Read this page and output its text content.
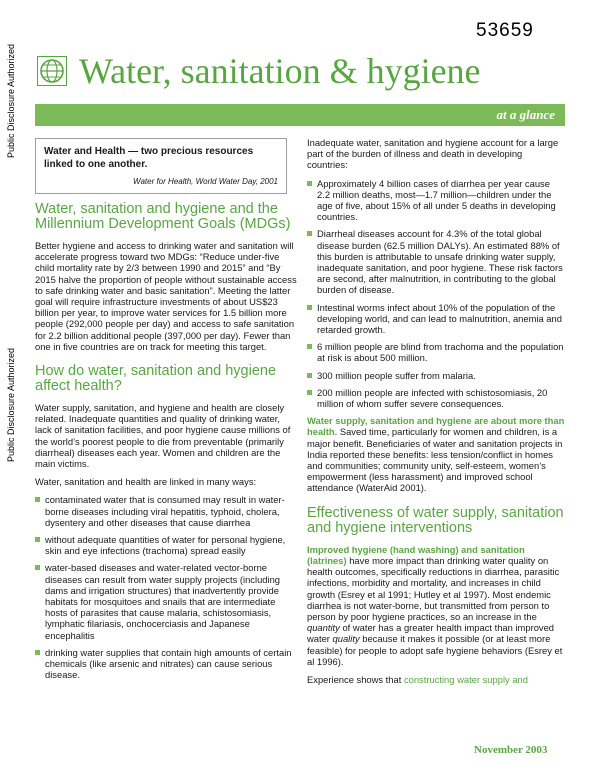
Public Disclosure Authorized
Public Disclosure Authorized
53659
Water, sanitation & hygiene
at a glance
Water and Health — two precious resources linked to one another.
Water for Health, World Water Day, 2001
Water, sanitation and hygiene and the Millennium Development Goals (MDGs)

Better hygiene and access to drinking water and sanitation will accelerate progress toward two MDGs: “Reduce under-five child mortality rate by 2/3 between 1990 and 2015” and “By 2015 halve the proportion of people without sustainable access to safe drinking water and basic sanitation”. Meeting the latter goal will require infrastructure investments of about US$23 billion per year, to improve water services for 1.5 billion more people (292,000 people per day) and access to safe sanitation for 2.2 billion additional people (397,000 per day). Fewer than one in five countries are on track for meeting this target.

How do water, sanitation and hygiene affect health?

Water supply, sanitation, and hygiene and health are closely related. Inadequate quantities and quality of drinking water, lack of sanitation facilities, and poor hygiene cause millions of the world’s poorest people to die from preventable (primarily diarrheal) diseases each year. Women and children are the main victims.

Water, sanitation and health are linked in many ways:

contaminated water that is consumed may result in water-borne diseases including viral hepatitis, typhoid, cholera, dysentery and other diseases that cause diarrhea
without adequate quantities of water for personal hygiene, skin and eye infections (trachoma) spread easily
water-based diseases and water-related vector-borne diseases can result from water supply projects (including dams and irrigation structures) that inadvertently provide habitats for mosquitoes and snails that are intermediate hosts of parasites that cause malaria, schistosomiasis, lymphatic filariasis, onchocerciasis and Japanese encephalitis
drinking water supplies that contain high amounts of certain chemicals (like arsenic and nitrates) can cause serious disease.

Inadequate water, sanitation and hygiene account for a large part of the burden of illness and death in developing countries:

Approximately 4 billion cases of diarrhea per year cause 2.2 million deaths, most—1.7 million—children under the age of five, about 15% of all under 5 deaths in developing countries.
Diarrheal diseases account for 4.3% of the total global disease burden (62.5 million DALYs). An estimated 88% of this burden is attributable to unsafe drinking water supply, inadequate sanitation, and poor hygiene. These risk factors are second, after malnutrition, in contributing to the global burden of disease.
Intestinal worms infect about 10% of the population of the developing world, and can lead to malnutrition, anemia and retarded growth.
6 million people are blind from trachoma and the population at risk is about 500 million.
300 million people suffer from malaria.
200 million people are infected with schistosomiasis, 20 million of whom suffer severe consequences.

Water supply, sanitation and hygiene are about more than health. Saved time, particularly for women and children, is a major benefit. Beneficiaries of water and sanitation projects in India reported these benefits: less tension/conflict in homes and communities; community unity, self-esteem, women’s empowerment (less harassment) and improved school attendance (WaterAid 2001).

Effectiveness of water supply, sanitation and hygiene interventions

Improved hygiene (hand washing) and sanitation (latrines) have more impact than drinking water quality on health outcomes, specifically reductions in diarrhea, parasitic infections, morbidity and mortality, and increases in child growth (Esrey et al 1991; Hutley et al 1997). Most endemic diarrhea is not water-borne, but transmitted from person to person by poor hygiene practices, so an increase in the quantity of water has a greater health impact than improved water quality because it makes it possible (or at least more feasible) for people to adopt safe hygiene behaviors (Esrey et al 1996).

Experience shows that constructing water supply and

November 2003
